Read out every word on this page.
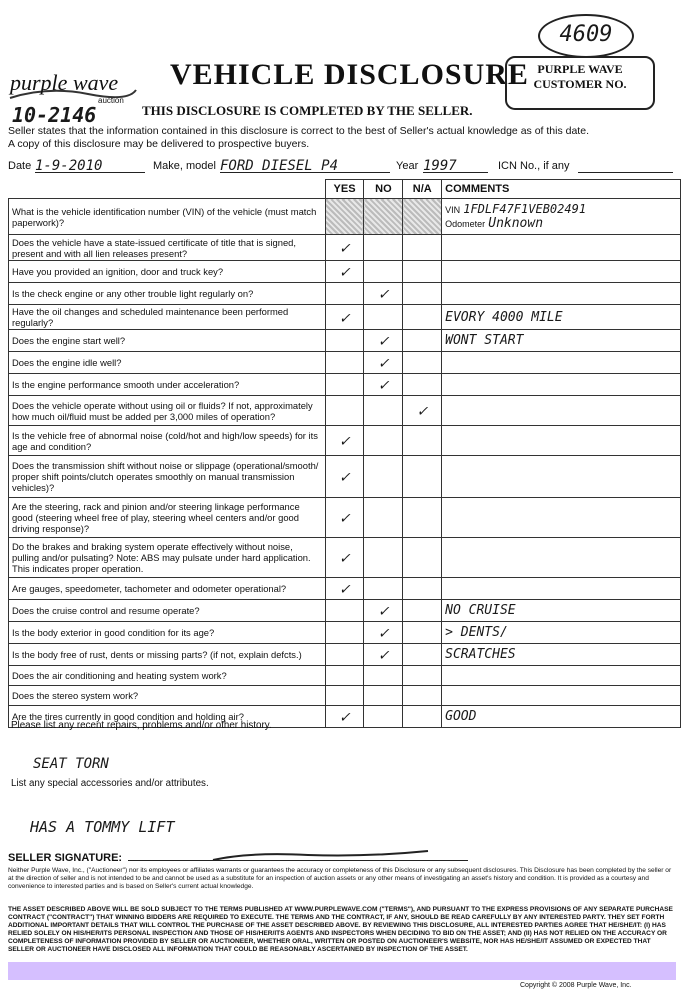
4609
purple wave
auction
10-2146
VEHICLE DISCLOSURE
THIS DISCLOSURE IS COMPLETED BY THE SELLER.
PURPLE WAVE CUSTOMER NO.
Seller states that the information contained in this disclosure is correct to the best of Seller's actual knowledge as of this date.
A copy of this disclosure may be delivered to prospective buyers.
Date 1-9-2010	Make, model FORD DIESEL P4	Year 1997	ICN No., if any
	YES	NO	N/A	COMMENTS
What is the vehicle identification number (VIN) of the vehicle (must match paperwork)?				VIN 1FDLF47F1VEB02491
Odometer Unknown

Does the vehicle have a state-issued certificate of title that is signed, present and with all lien releases present?	✓			
Have you provided an ignition, door and truck key?	✓			
Is the check engine or any other trouble light regularly on?		✓		
Have the oil changes and scheduled maintenance been performed regularly?	✓			EVORY 4000 MILE
Does the engine start well?		✓		WONT START
Does the engine idle well?		✓		
Is the engine performance smooth under acceleration?		✓		
Does the vehicle operate without using oil or fluids? If not, approximately how much oil/fluid must be added per 3,000 miles of operation?			✓	
Is the vehicle free of abnormal noise (cold/hot and high/low speeds) for its age and condition?	✓			
Does the transmission shift without noise or slippage (operational/smooth/ proper shift points/clutch operates smoothly on manual transmission vehicles)?	✓			
Are the steering, rack and pinion and/or steering linkage performance good (steering wheel free of play, steering wheel centers and/or good driving response)?	✓			
Do the brakes and braking system operate effectively without noise, pulling and/or pulsating? Note: ABS may pulsate under hard application. This indicates proper operation.	✓			
Are gauges, speedometer, tachometer and odometer operational?	✓			
Does the cruise control and resume operate?		✓		NO CRUISE
Is the body exterior in good condition for its age?		✓		> DENTS/
Is the body free of rust, dents or missing parts? (if not, explain defcts.)		✓		SCRATCHES
Does the air conditioning and heating system work?				
Does the stereo system work?				
Are the tires currently in good condition and holding air?	✓			GOOD
Please list any recent repairs, problems and/or other history.
SEAT TORN
List any special accessories and/or attributes.
HAS A TOMMY LIFT
SELLER SIGNATURE:
Neither Purple Wave, Inc., ("Auctioneer") nor its employees or affiliates warrants or guarantees the accuracy or completeness of this Disclosure or any subsequent disclosures. This Disclosure has been completed by the seller or at the direction of seller and is not intended to be and cannot be used as a substitute for an inspection of auction assets or any other means of investigating an asset's history and condition. It is provided as a courtesy and convenience to interested parties and is based on Seller's current actual knowledge.
THE ASSET DESCRIBED ABOVE WILL BE SOLD SUBJECT TO THE TERMS PUBLISHED AT WWW.PURPLEWAVE.COM ("TERMS"), AND PURSUANT TO THE EXPRESS PROVISIONS OF ANY SEPARATE PURCHASE CONTRACT ("CONTRACT") THAT WINNING BIDDERS ARE REQUIRED TO EXECUTE. THE TERMS AND THE CONTRACT, IF ANY, SHOULD BE READ CAREFULLY BY ANY INTERESTED PARTY. THEY SET FORTH ADDITIONAL IMPORTANT DETAILS THAT WILL CONTROL THE PURCHASE OF THE ASSET DESCRIBED ABOVE. BY REVIEWING THIS DISCLOSURE, ALL INTERESTED PARTIES AGREE THAT HE/SHE/IT: (I) HAS RELIED SOLELY ON HIS/HER/ITS PERSONAL INSPECTION AND THOSE OF HIS/HER/ITS AGENTS AND INSPECTORS WHEN DECIDING TO BID ON THE ASSET; AND (II) HAS NOT RELIED ON THE ACCURACY OR COMPLETENESS OF INFORMATION PROVIDED BY SELLER OR AUCTIONEER, WHETHER ORAL, WRITTEN OR POSTED ON AUCTIONEER'S WEBSITE, NOR HAS HE/SHE/IT ASSUMED OR EXPECTED THAT SELLER OR AUCTIONEER HAVE DISCLOSED ALL INFORMATION THAT COULD BE REASONABLY ASCERTAINED BY INSPECTION OF THE ASSET.
Copyright © 2008 Purple Wave, Inc.
